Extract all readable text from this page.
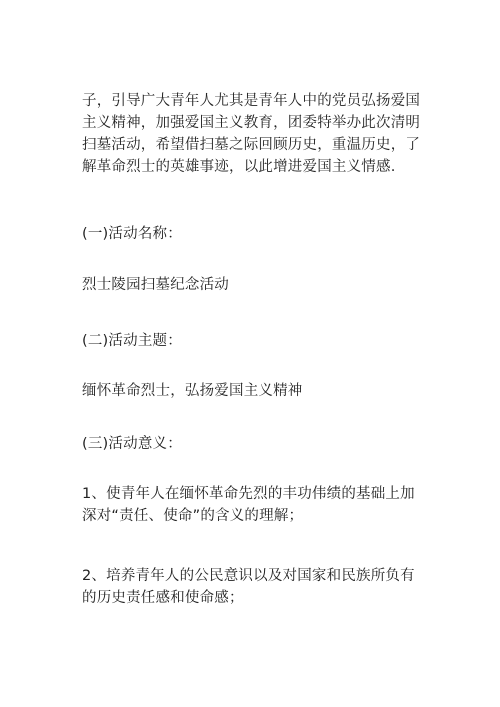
子，引导广大青年人尤其是青年人中的党员弘扬爱国主义精神，加强爱国主义教育，团委特举办此次清明扫墓活动，希望借扫墓之际回顾历史，重温历史，了解革命烈士的英雄事迹，以此增进爱国主义情感.

(一)活动名称：

烈士陵园扫墓纪念活动

(二)活动主题：

缅怀革命烈士，弘扬爱国主义精神

(三)活动意义：

1、使青年人在缅怀革命先烈的丰功伟绩的基础上加深对“责任、使命”的含义的理解；

2、培养青年人的公民意识以及对国家和民族所负有的历史责任感和使命感；
